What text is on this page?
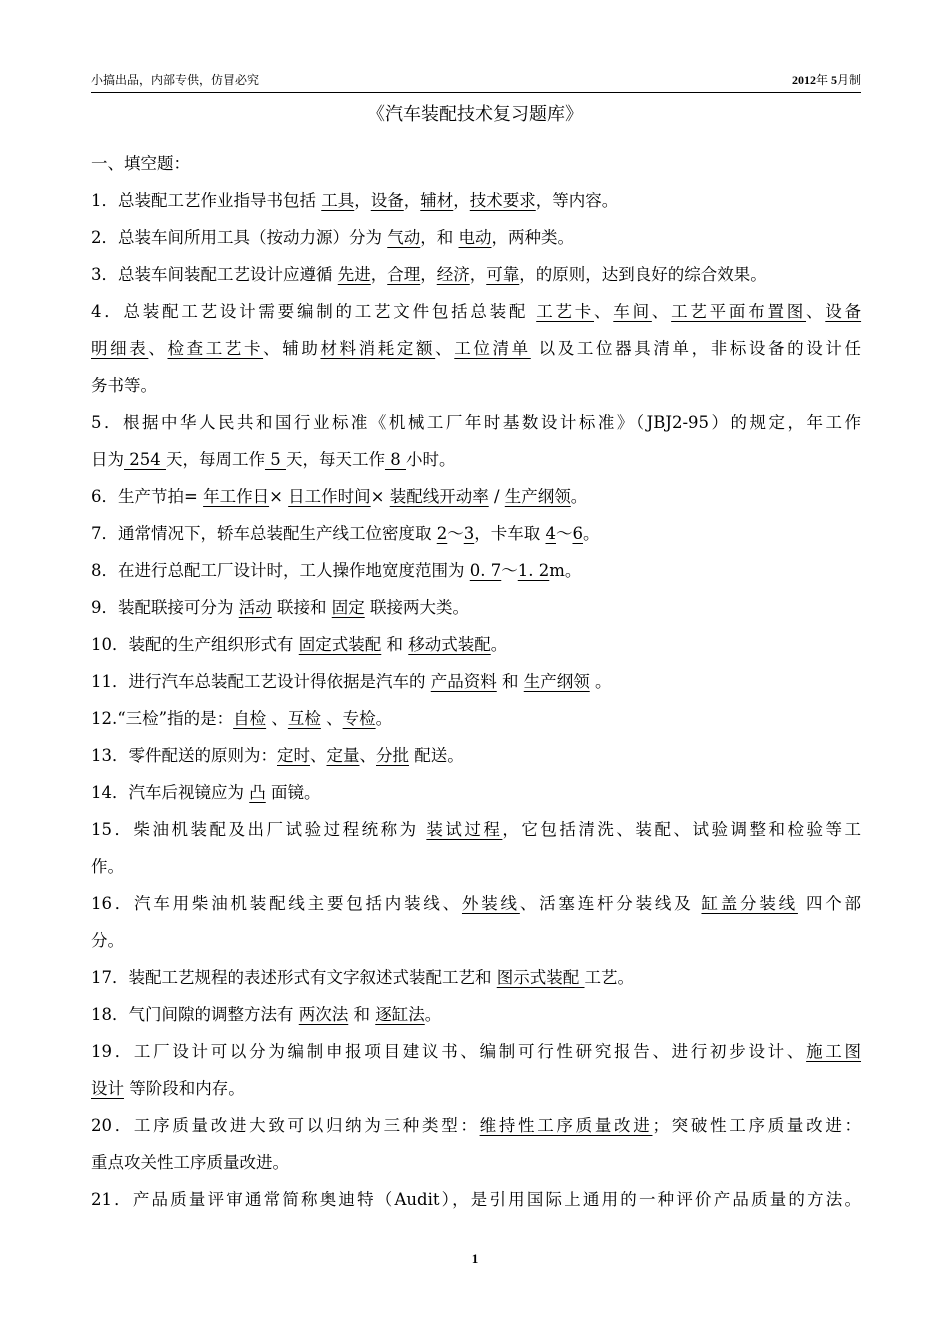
小搞出品，内部专供，仿冒必究	2012年 5月制
《汽车装配技术复习题库》
一、填空题：
1．总装配工艺作业指导书包括 工具，设备，辅材，技术要求，等内容。
2．总装车间所用工具（按动力源）分为 气动，和 电动，两种类。
3．总装车间装配工艺设计应遵循 先进，合理，经济，可靠，的原则，达到良好的综合效果。
4．总装配工艺设计需要编制的工艺文件包括总装配 工艺卡、车间、工艺平面布置图、设备
明细表、检查工艺卡、辅助材料消耗定额、工位清单 以及工位器具清单，非标设备的设计任
务书等。
5．根据中华人民共和国行业标准《机械工厂年时基数设计标准》（JBJ2-95）的规定，年工作
日为 254 天，每周工作 5 天，每天工作 8 小时。
6．生产节拍= 年工作日× 日工作时间× 装配线开动率 / 生产纲领。
7．通常情况下，轿车总装配生产线工位密度取 2～3，卡车取 4～6。
8．在进行总配工厂设计时，工人操作地宽度范围为 0. 7～1. 2m。
9．装配联接可分为 活动 联接和 固定 联接两大类。
10．装配的生产组织形式有 固定式装配 和 移动式装配。
11．进行汽车总装配工艺设计得依据是汽车的 产品资料 和 生产纲领 。
12.“三检”指的是：自检 、互检 、专检。
13．零件配送的原则为：定时、定量、分批 配送。
14．汽车后视镜应为 凸 面镜。
15．柴油机装配及出厂试验过程统称为 装试过程，它包括清洗、装配、试验调整和检验等工
作。
16．汽车用柴油机装配线主要包括内装线、外装线、活塞连杆分装线及 缸盖分装线 四个部
分。
17．装配工艺规程的表述形式有文字叙述式装配工艺和 图示式装配 工艺。
18．气门间隙的调整方法有 两次法 和 逐缸法。
19．工厂设计可以分为编制申报项目建议书、编制可行性研究报告、进行初步设计、施工图
设计 等阶段和内存。
20．工序质量改进大致可以归纳为三种类型：维持性工序质量改进；突破性工序质量改进：
重点攻关性工序质量改进。
21．产品质量评审通常简称奥迪特（Audit），是引用国际上通用的一种评价产品质量的方法。
1
